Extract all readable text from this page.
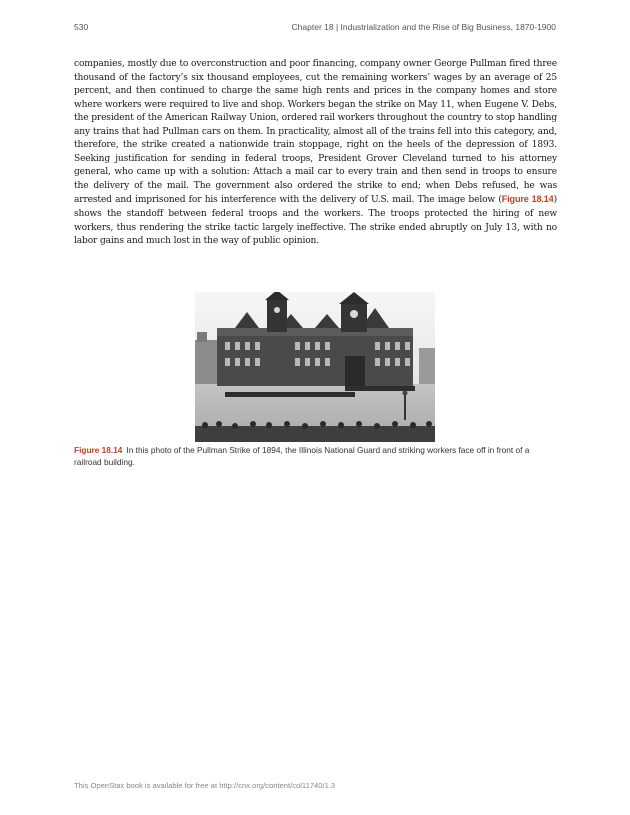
530	Chapter 18 | Industrialization and the Rise of Big Business, 1870-1900

companies, mostly due to overconstruction and poor financing, company owner George Pullman fired three thousand of the factory’s six thousand employees, cut the remaining workers’ wages by an average of 25 percent, and then continued to charge the same high rents and prices in the company homes and store where workers were required to live and shop. Workers began the strike on May 11, when Eugene V. Debs, the president of the American Railway Union, ordered rail workers throughout the country to stop handling any trains that had Pullman cars on them. In practicality, almost all of the trains fell into this category, and, therefore, the strike created a nationwide train stoppage, right on the heels of the depression of 1893. Seeking justification for sending in federal troops, President Grover Cleveland turned to his attorney general, who came up with a solution: Attach a mail car to every train and then send in troops to ensure the delivery of the mail. The government also ordered the strike to end; when Debs refused, he was arrested and imprisoned for his interference with the delivery of U.S. mail. The image below (Figure 18.14) shows the standoff between federal troops and the workers. The troops protected the hiring of new workers, thus rendering the strike tactic largely ineffective. The strike ended abruptly on July 13, with no labor gains and much lost in the way of public opinion.

Figure 18.14 In this photo of the Pullman Strike of 1894, the Illinois National Guard and striking workers face off in front of a railroad building.

This OpenStax book is available for free at http://cnx.org/content/col11740/1.3
